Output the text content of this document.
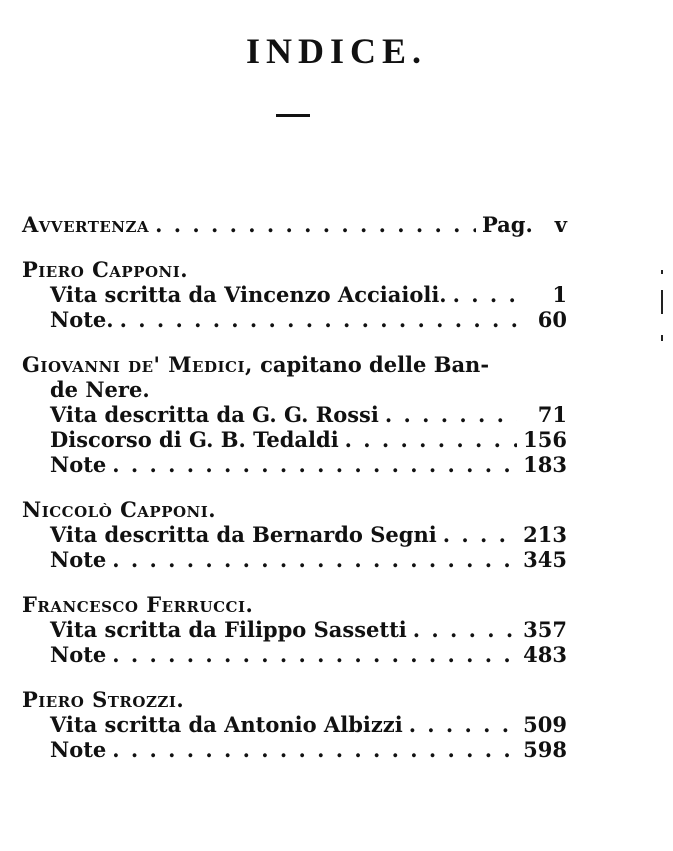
INDICE.
Avvertenza . . .	Pag. v
Piero Capponi.
Vita scritta da Vincenzo Acciaioli. . . .	1
Note. . . .	60
Giovanni de' Medici,
capitano delle Ban-
de Nere.
Vita descritta da G. G. Rossi . . .	71
Discorso di G. B. Tedaldi . . .	156
Note . . .	183
Niccolò Capponi.
Vita descritta da Bernardo Segni . . .	213
Note . . .	345
Francesco Ferrucci.
Vita scritta da Filippo Sassetti . . .	357
Note . . .	483
Piero Strozzi.
Vita scritta da Antonio Albizzi . . .	509
Note . . .	598
